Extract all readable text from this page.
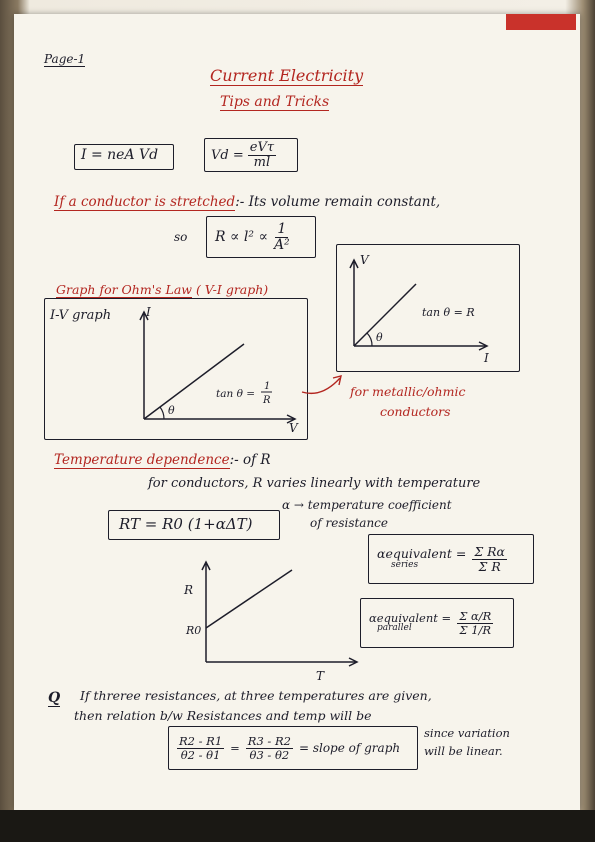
Page-1
Current Electricity
Tips and Tricks
I = neA Vd	$Vd = \frac{\text{eVτ}}{ml}$
If a conductor is stretched:- Its volume remain constant,
so $R \propto l^2 \propto \frac{1}{\text{A²}}$
Graph for Ohm's Law ( V-I graph)
I-V graph	I
V
θ
tan θ =
1
R
V
I
θ
tan θ = R
for metallic/ohmic
conductors
Temperature dependence:- of R
for conductors, R varies linearly with temperature
RT = R0 (1+αΔT)
α → temperature coefficient
of resistance
R
R0
T
αequivalent =
series	$\frac{\text{Σ Rα}}{\text{Σ R}}$
αequivalent =
parallel	$\frac{\text{Σ α/R}}{\Sigma 1/R}$
Q If threree resistances, at three temperatures are given,
then relation b/w Resistances and temp will be
$\frac{R2 - R1}{\theta 2 - \theta 1} = \frac{R3 - R2}{\theta 3 - \theta 2}$ = slope of graph
since variation
will be linear.
